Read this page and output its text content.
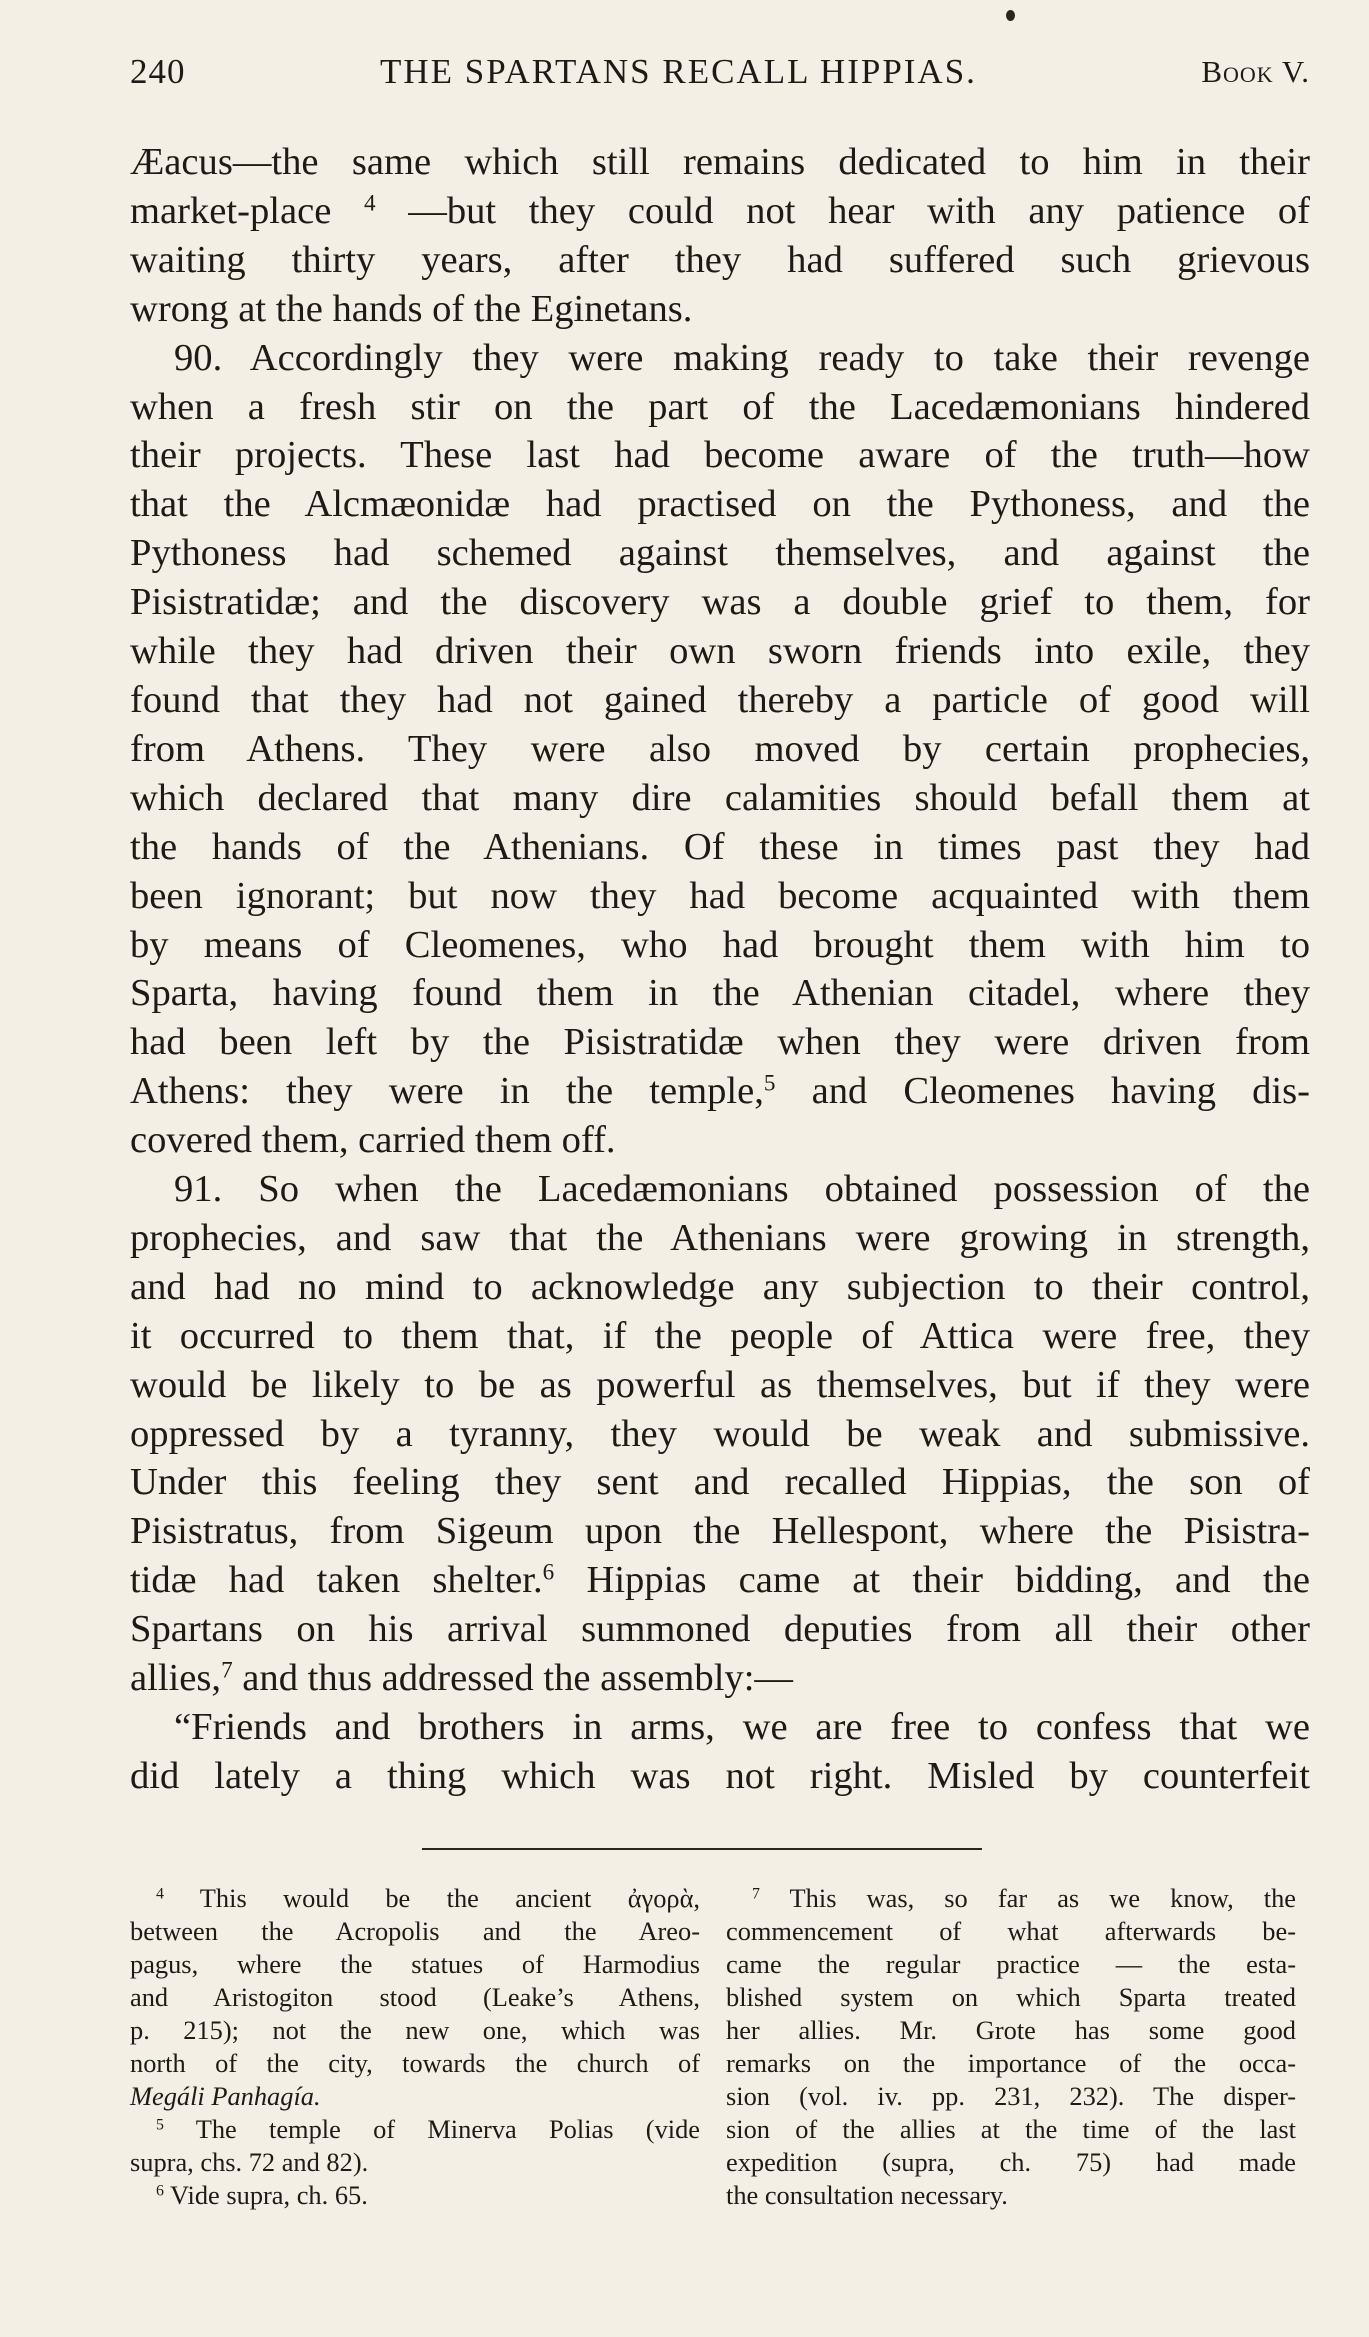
240	THE SPARTANS RECALL HIPPIAS.	Book V.
Æacus—the same which still remains dedicated to him in their
market-place $^4$ —but they could not hear with any patience of
waiting thirty years, after they had suffered such grievous
wrong at the hands of the Eginetans.
90. Accordingly they were making ready to take their revenge
when a fresh stir on the part of the Lacedæmonians hindered
their projects. These last had become aware of the truth—how
that the Alcmæonidæ had practised on the Pythoness, and the
Pythoness had schemed against themselves, and against the
Pisistratidæ; and the discovery was a double grief to them, for
while they had driven their own sworn friends into exile, they
found that they had not gained thereby a particle of good will
from Athens. They were also moved by certain prophecies,
which declared that many dire calamities should befall them at
the hands of the Athenians. Of these in times past they had
been ignorant; but now they had become acquainted with them
by means of Cleomenes, who had brought them with him to
Sparta, having found them in the Athenian citadel, where they
had been left by the Pisistratidæ when they were driven from
Athens: they were in the temple,$^5$ and Cleomenes having dis-
covered them, carried them off.
91. So when the Lacedæmonians obtained possession of the
prophecies, and saw that the Athenians were growing in strength,
and had no mind to acknowledge any subjection to their control,
it occurred to them that, if the people of Attica were free, they
would be likely to be as powerful as themselves, but if they were
oppressed by a tyranny, they would be weak and submissive.
Under this feeling they sent and recalled Hippias, the son of
Pisistratus, from Sigeum upon the Hellespont, where the Pisistra-
tidæ had taken shelter.$^6$ Hippias came at their bidding, and the
Spartans on his arrival summoned deputies from all their other
allies,$^7$ and thus addressed the assembly:—
“Friends and brothers in arms, we are free to confess that we
did lately a thing which was not right. Misled by counterfeit
$^4$ This would be the ancient ἀγορὰ,
between the Acropolis and the Areo-
pagus, where the statues of Harmodius
and Aristogiton stood (Leake’s Athens,
p. 215); not the new one, which was
north of the city, towards the church of
Megáli Panhagía.
$^5$ The temple of Minerva Polias (vide
supra, chs. 72 and 82).
$^6$ Vide supra, ch. 65.
$^7$ This was, so far as we know, the
commencement of what afterwards be-
came the regular practice — the esta-
blished system on which Sparta treated
her allies. Mr. Grote has some good
remarks on the importance of the occa-
sion (vol. iv. pp. 231, 232). The disper-
sion of the allies at the time of the last
expedition (supra, ch. 75) had made
the consultation necessary.
